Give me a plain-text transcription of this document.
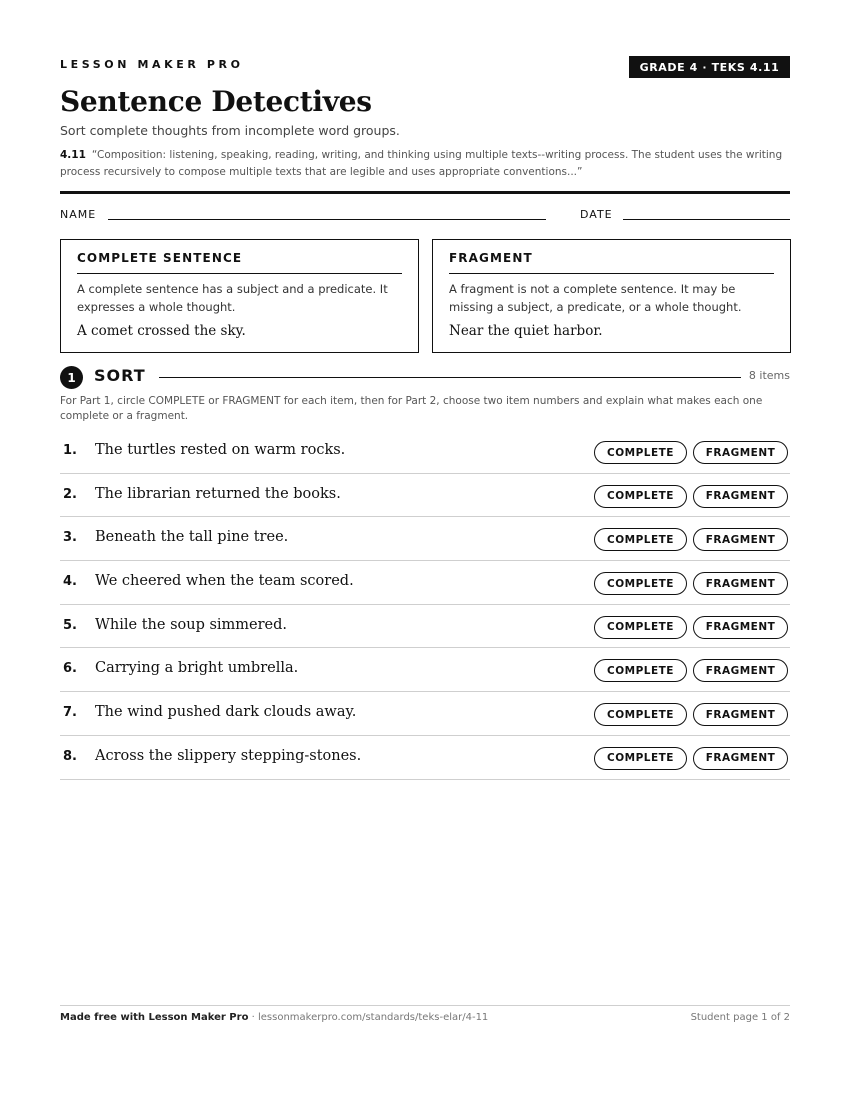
LESSON MAKER PRO	GRADE 4 · TEKS 4.11
Sentence Detectives
Sort complete thoughts from incomplete word groups.
4.11 “Composition: listening, speaking, reading, writing, and thinking using multiple texts--writing process. The student uses the writing process recursively to compose multiple texts that are legible and uses appropriate conventions...”
NAME	DATE
COMPLETE SENTENCE
A complete sentence has a subject and a predicate. It expresses a whole thought.
A comet crossed the sky.
FRAGMENT
A fragment is not a complete sentence. It may be missing a subject, a predicate, or a whole thought.
Near the quiet harbor.
1	SORT	8 items
For Part 1, circle COMPLETE or FRAGMENT for each item, then for Part 2, choose two item numbers and explain what makes each one complete or a fragment.
1. The turtles rested on warm rocks.	COMPLETE	FRAGMENT
2. The librarian returned the books.	COMPLETE	FRAGMENT
3. Beneath the tall pine tree.	COMPLETE	FRAGMENT
4. We cheered when the team scored.	COMPLETE	FRAGMENT
5. While the soup simmered.	COMPLETE	FRAGMENT
6. Carrying a bright umbrella.	COMPLETE	FRAGMENT
7. The wind pushed dark clouds away.	COMPLETE	FRAGMENT
8. Across the slippery stepping-stones.	COMPLETE	FRAGMENT
Made free with Lesson Maker Pro · lessonmakerpro.com/standards/teks-elar/4-11	Student page 1 of 2
